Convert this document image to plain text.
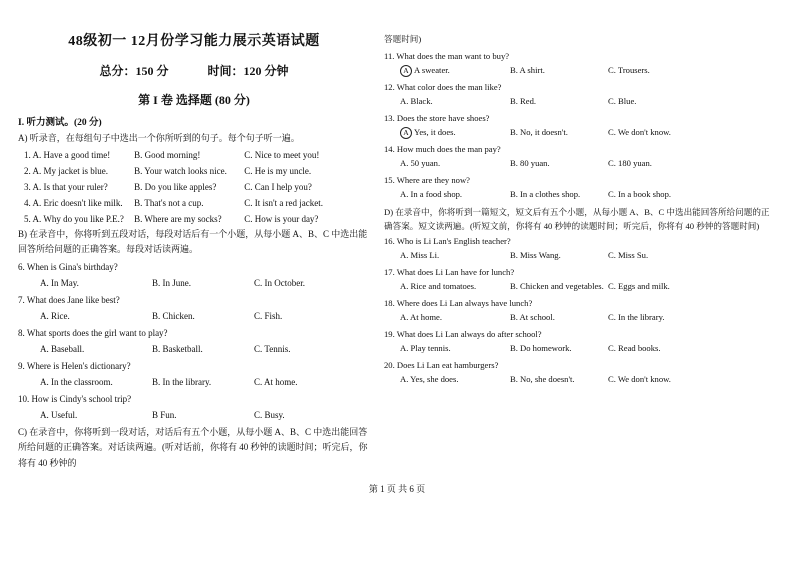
48级初一 12月份学习能力展示英语试题
总分：150 分	时间：120 分钟
第 I 卷 选择题 (80 分)
I. 听力测试。(20 分)
A) 听录音，在每组句子中选出一个你所听到的句子。每个句子听一遍。
1. A. Have a good time!	B. Good morning!	C. Nice to meet you!
2. A. My jacket is blue.	B. Your watch looks nice.	C. He is my uncle.
3. A. Is that your ruler?	B. Do you like apples?	C. Can I help you?
4. A. Eric doesn't like milk.	B. That's not a cup.	C. It isn't a red jacket.
5. A. Why do you like P.E.?	B. Where are my socks?	C. How is your day?
B) 在录音中，你将听到五段对话，每段对话后有一个小题，从每小题 A、B、C 中选出能回答所给问题的正确答案。每段对话读两遍。
6. When is Gina's birthday?
A. In May.	B. In June.	C. In October.
7. What does Jane like best?
A. Rice.	B. Chicken.	C. Fish.
8. What sports does the girl want to play?
A. Baseball.	B. Basketball.	C. Tennis.
9. Where is Helen's dictionary?
A. In the classroom.	B. In the library.	C. At home.
10. How is Cindy's school trip?
A. Useful.	B Fun.	C. Busy.
C) 在录音中，你将听到一段对话，对话后有五个小题，从每小题 A、B、C 中选出能回答所给问题的正确答案。对话读两遍。(听对话前，你将有 40 秒钟的读题时间；听完后，你将有 40 秒钟的
答题时间)
11. What does the man want to buy?
A A sweater.	B. A shirt.	C. Trousers.
12. What color does the man like?
A. Black.	B. Red.	C. Blue.
13. Does the store have shoes?
A Yes, it does.	B. No, it doesn't.	C. We don't know.
14. How much does the man pay?
A. 50 yuan.	B. 80 yuan.	C. 180 yuan.
15. Where are they now?
A. In a food shop.	B. In a clothes shop.	C. In a book shop.
D) 在录音中，你将听到一篇短文，短文后有五个小题，从每小题 A、B、C 中选出能回答所给问题的正确答案。短文读两遍。(听短文前，你将有 40 秒钟的读题时间；听完后，你将有 40 秒钟的答题时间)
16. Who is Li Lan's English teacher?
A. Miss Li.	B. Miss Wang.	C. Miss Su.
17. What does Li Lan have for lunch?
A. Rice and tomatoes.	B. Chicken and vegetables. C. Eggs and milk.
18. Where does Li Lan always have lunch?
A. At home.	B. At school.	C. In the library.
19. What does Li Lan always do after school?
A. Play tennis.	B. Do homework.	C. Read books.
20. Does Li Lan eat hamburgers?
A. Yes, she does.	B. No, she doesn't.	C. We don't know.
第 1 页 共 6 页
